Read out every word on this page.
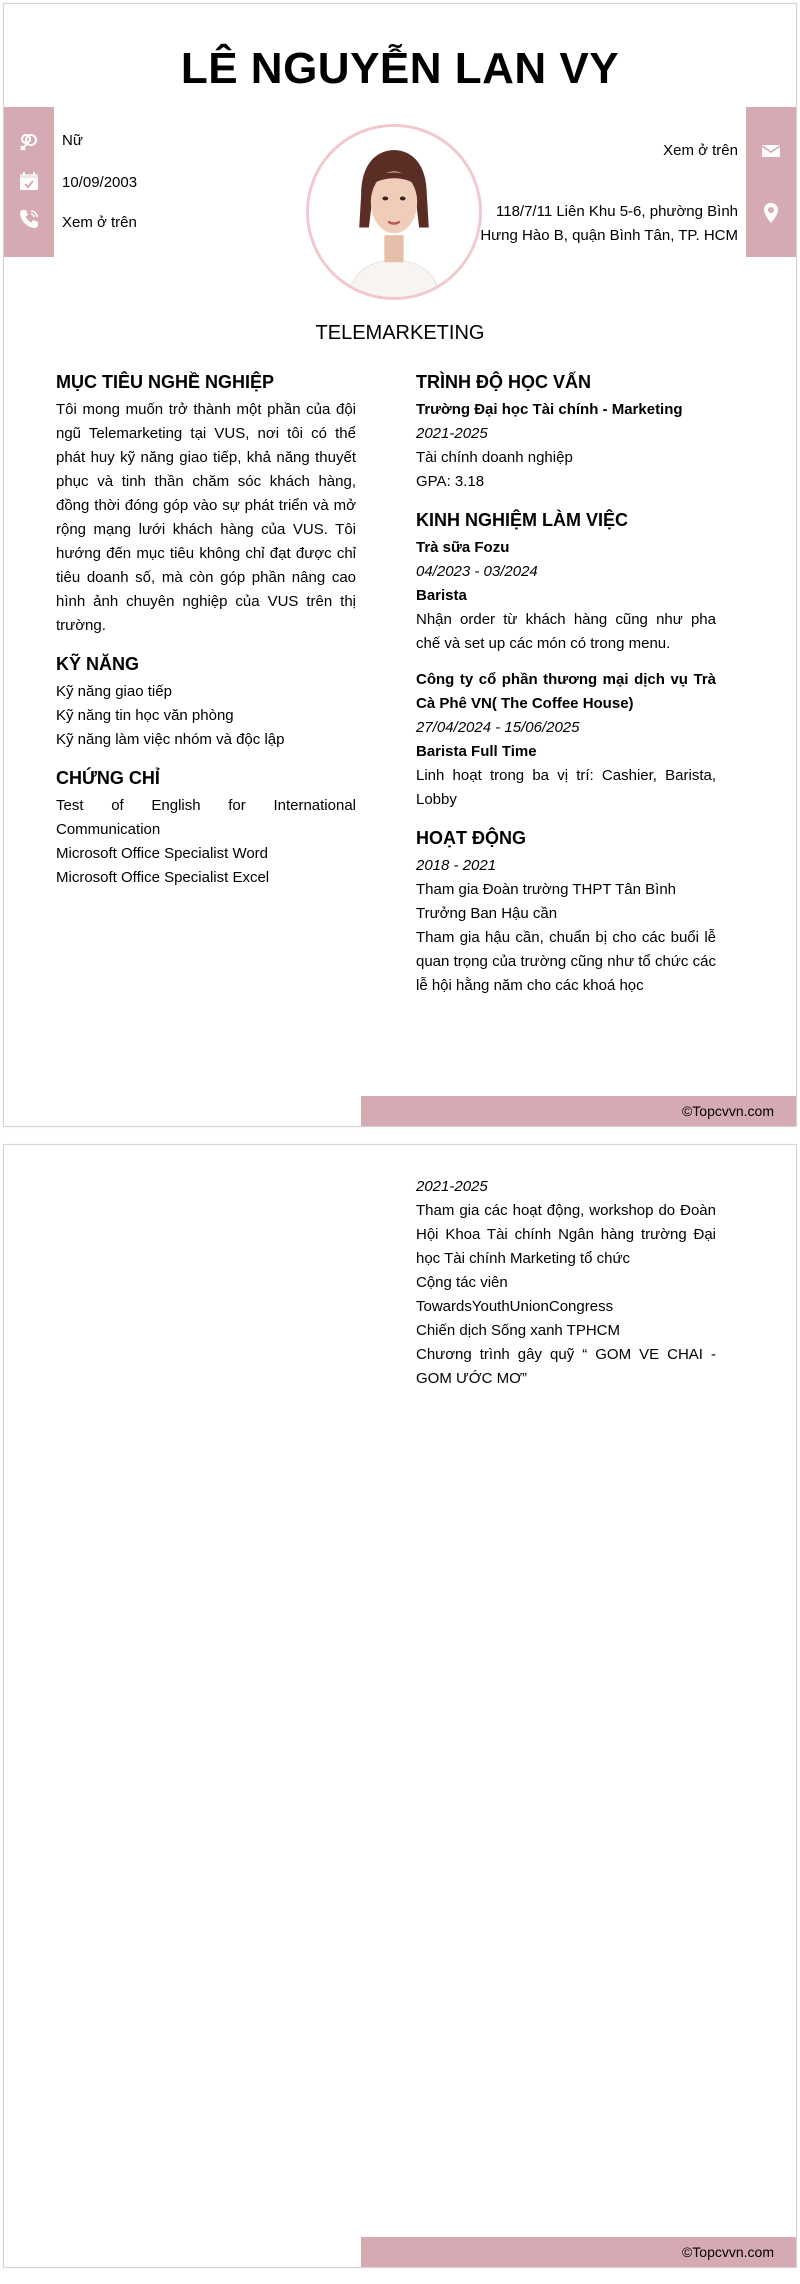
LÊ NGUYỄN LAN VY
Nữ
10/09/2003
Xem ở trên
Xem ở trên
118/7/11 Liên Khu 5-6, phường Bình Hưng Hào B, quận Bình Tân, TP. HCM
TELEMARKETING
MỤC TIÊU NGHỀ NGHIỆP
Tôi mong muốn trở thành một phần của đội ngũ Telemarketing tại VUS, nơi tôi có thể phát huy kỹ năng giao tiếp, khả năng thuyết phục và tinh thần chăm sóc khách hàng, đồng thời đóng góp vào sự phát triển và mở rộng mạng lưới khách hàng của VUS. Tôi hướng đến mục tiêu không chỉ đạt được chỉ tiêu doanh số, mà còn góp phần nâng cao hình ảnh chuyên nghiệp của VUS trên thị trường.
KỸ NĂNG
Kỹ năng giao tiếp
Kỹ năng tin học văn phòng
Kỹ năng làm việc nhóm và độc lập
CHỨNG CHỈ
Test of English for International Communication
Microsoft Office Specialist Word
Microsoft Office Specialist Excel
TRÌNH ĐỘ HỌC VẤN
Trường Đại học Tài chính - Marketing
2021-2025
Tài chính doanh nghiệp
GPA: 3.18
KINH NGHIỆM LÀM VIỆC
Trà sữa Fozu
04/2023 - 03/2024
Barista
Nhận order từ khách hàng cũng như pha chế và set up các món có trong menu.
Công ty cổ phần thương mại dịch vụ Trà Cà Phê VN( The Coffee House)
27/04/2024 - 15/06/2025
Barista Full Time
Linh hoạt trong ba vị trí: Cashier, Barista, Lobby
HOẠT ĐỘNG
2018 - 2021
Tham gia Đoàn trường THPT Tân Bình
Trưởng Ban Hậu cần
Tham gia hậu cần, chuẩn bị cho các buổi lễ quan trọng của trường cũng như tổ chức các lễ hội hằng năm cho các khoá học
©Topcvvn.com
2021-2025
Tham gia các hoạt động, workshop do Đoàn Hội Khoa Tài chính Ngân hàng trường Đại học Tài chính Marketing tổ chức
Cộng tác viên
TowardsYouthUnionCongress
Chiến dịch Sống xanh TPHCM
Chương trình gây quỹ “ GOM VE CHAI - GOM ƯỚC MƠ”
©Topcvvn.com
